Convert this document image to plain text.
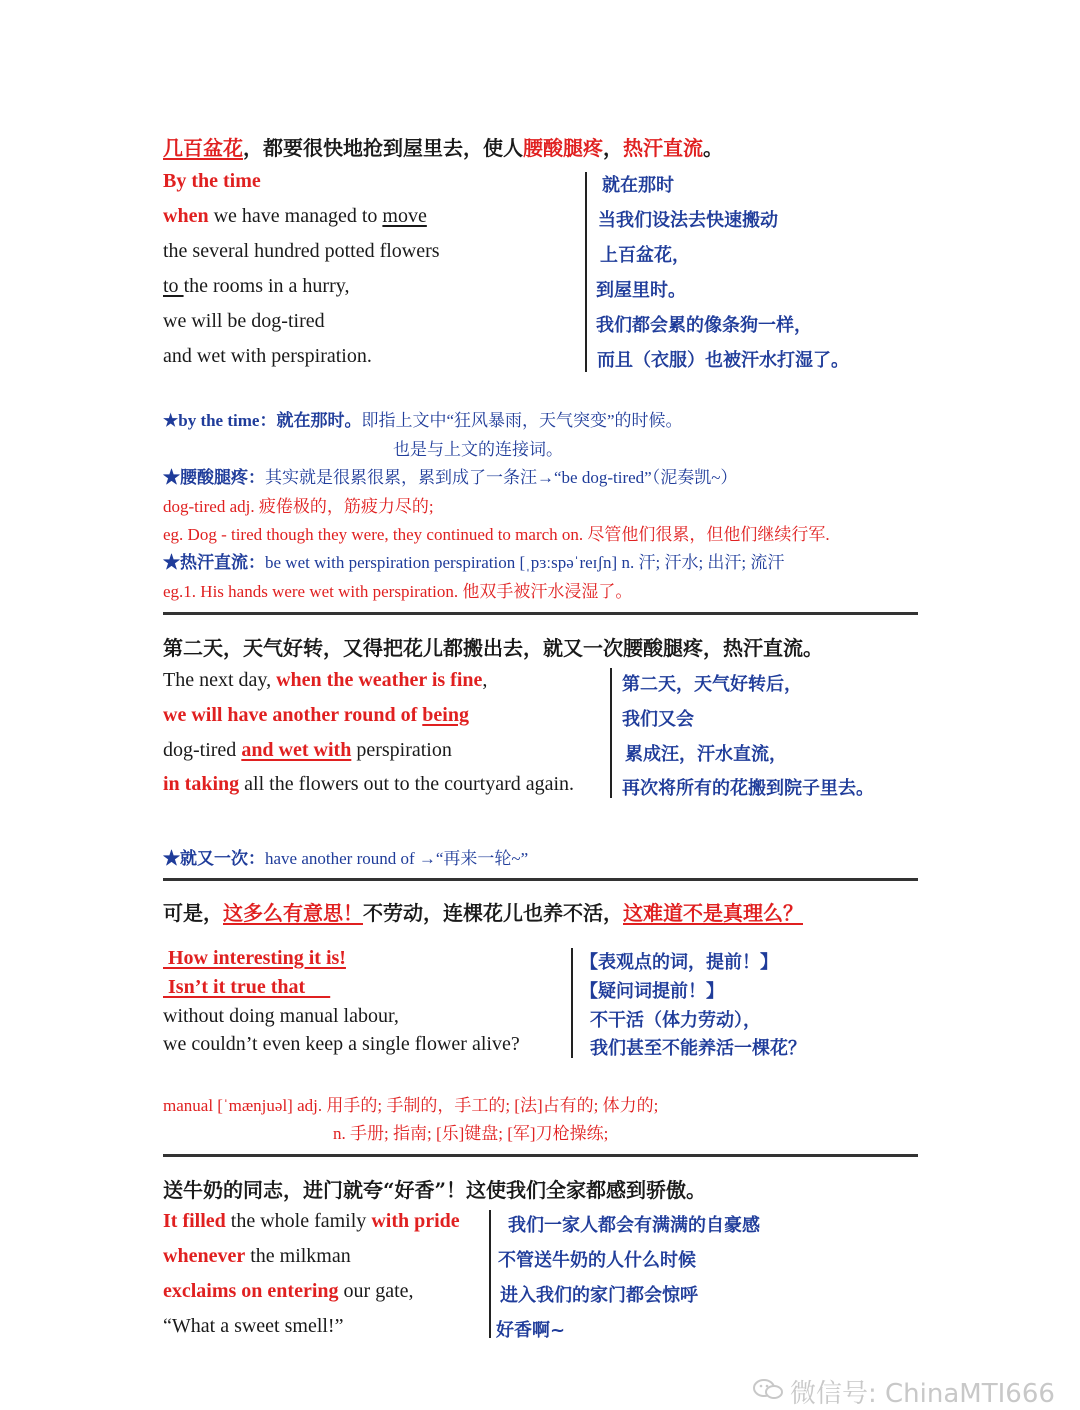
几百盆花，都要很快地抢到屋里去，使人腰酸腿疼，热汗直流。
By the time
when we have managed to move
the several hundred potted flowers
to the rooms in a hurry,
we will be dog-tired
and wet with perspiration.
就在那时
当我们设法去快速搬动
上百盆花，
到屋里时。
我们都会累的像条狗一样，
而且（衣服）也被汗水打湿了。
★by the time：就在那时。即指上文中“狂风暴雨，天气突变”的时候。
也是与上文的连接词。
★腰酸腿疼：其实就是很累很累，累到成了一条汪→“be dog-tired”（泥奏凯~）
dog-tired adj. 疲倦极的，筋疲力尽的;
eg. Dog - tired though they were, they continued to march on. 尽管他们很累，但他们继续行军.
★热汗直流：be wet with perspiration perspiration [ˌpɜːspəˈreɪʃn] n. 汗; 汗水; 出汗; 流汗
eg.1. His hands were wet with perspiration. 他双手被汗水浸湿了。
第二天，天气好转，又得把花儿都搬出去，就又一次腰酸腿疼，热汗直流。
The next day, when the weather is fine,
we will have another round of being
dog-tired and wet with perspiration
in taking all the flowers out to the courtyard again.
第二天，天气好转后，
我们又会
累成汪，汗水直流，
再次将所有的花搬到院子里去。
★就又一次：have another round of →“再来一轮~”
可是，这多么有意思！不劳动，连棵花儿也养不活，这难道不是真理么？
How interesting it is!
Isn’t it true that
without doing manual labour,
we couldn’t even keep a single flower alive?
【表观点的词，提前！】
【疑问词提前！】
不干活（体力劳动），
我们甚至不能养活一棵花？
manual [ˈmænjuəl] adj. 用手的; 手制的，手工的; [法]占有的; 体力的;
n. 手册; 指南; [乐]键盘; [军]刀枪操练;
送牛奶的同志，进门就夸“好香”！这使我们全家都感到骄傲。
It filled the whole family with pride
whenever the milkman
exclaims on entering our gate,
“What a sweet smell!”
我们一家人都会有满满的自豪感
不管送牛奶的人什么时候
进入我们的家门都会惊呼
好香啊~
微信号: ChinaMTI666
